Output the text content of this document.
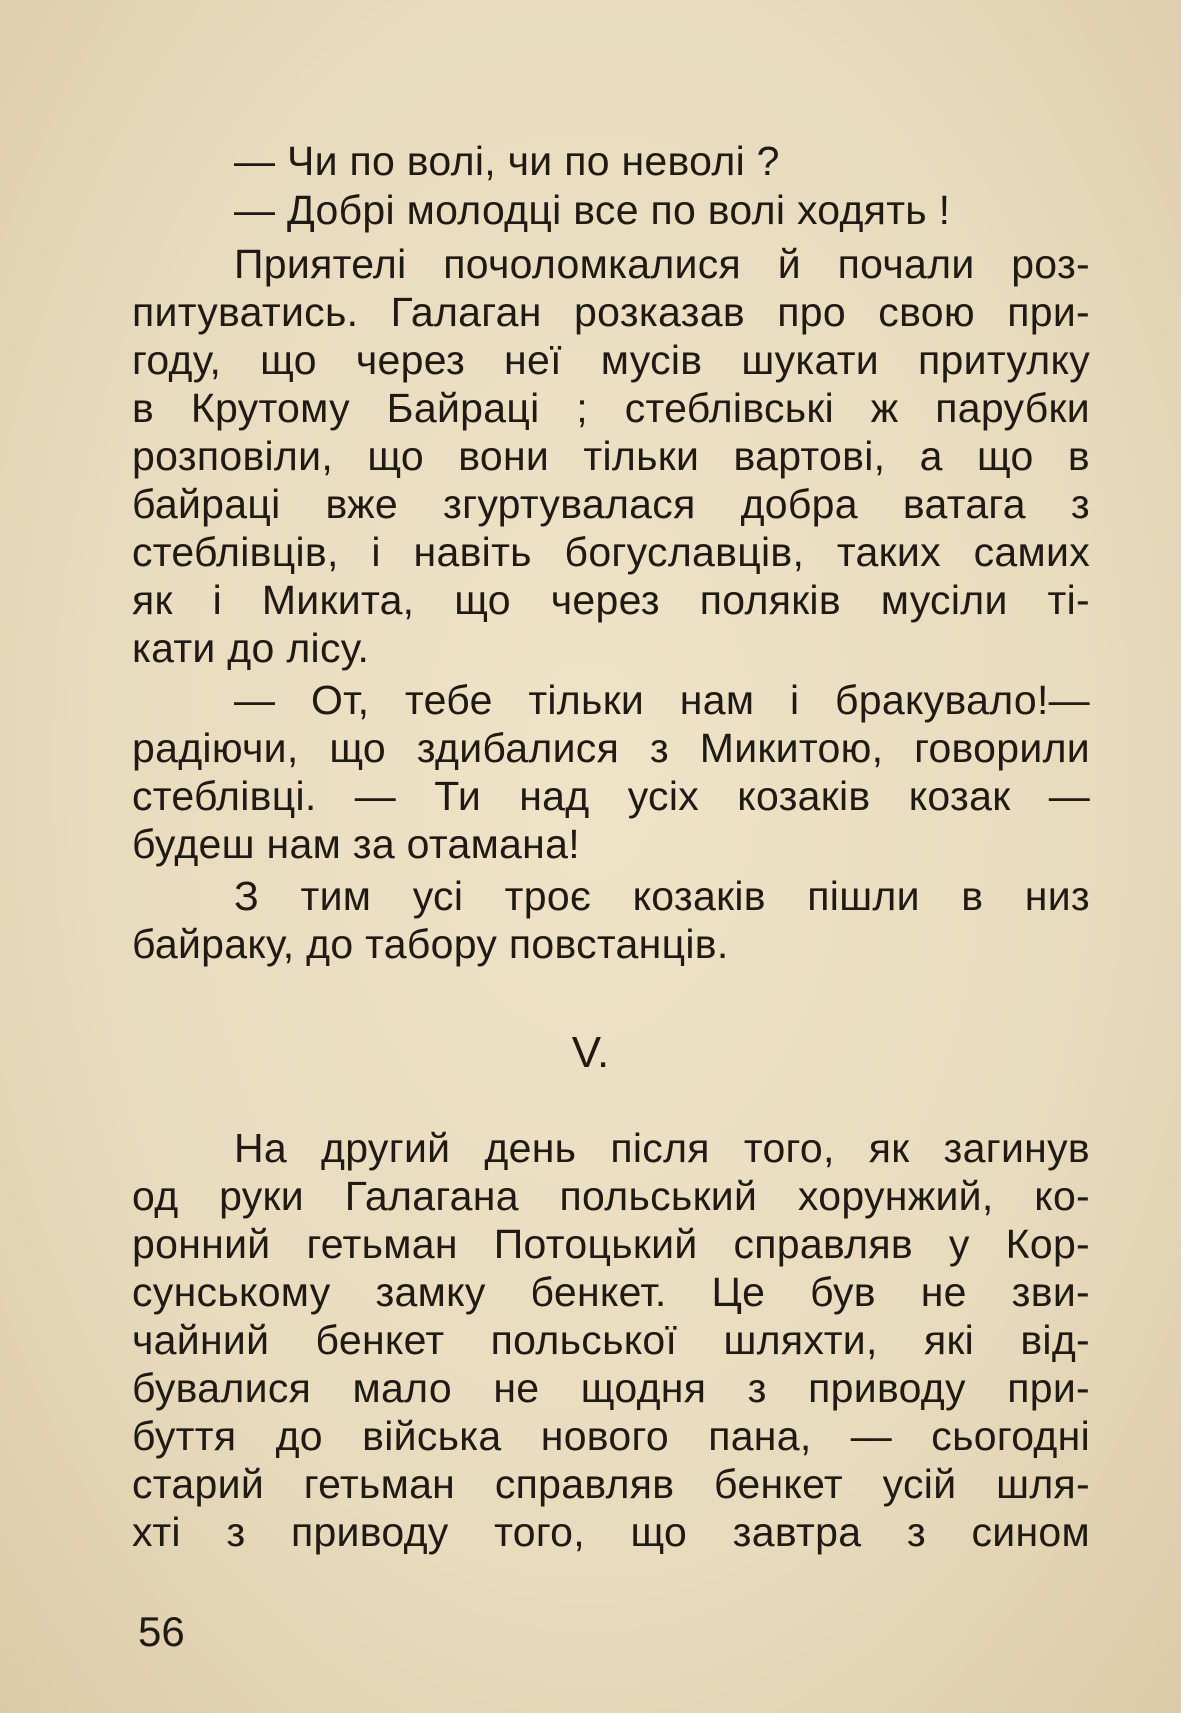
— Чи по волі, чи по неволі ?
— Добрі молодці все по волі ходять !
Приятелі почоломкалися й почали роз-
питуватись. Галаган розказав про свою при-
году, що через неї мусів шукати притулку
в Крутому Байраці ; стеблівські ж парубки
розповіли, що вони тільки вартові, а що в
байраці вже згуртувалася добра ватага з
стеблівців, і навіть богуславців, таких самих
як і Микита, що через поляків мусіли ті-
кати до лісу.
— От, тебе тільки нам і бракувало!—
радіючи, що здибалися з Микитою, говорили
стеблівці. — Ти над усіх козаків козак —
будеш нам за отамана!
З тим усі троє козаків пішли в низ
байраку, до табору повстанців.
V.
На другий день після того, як загинув
од руки Галагана польський хорунжий, ко-
ронний гетьман Потоцький справляв у Кор-
сунському замку бенкет. Це був не зви-
чайний бенкет польської шляхти, які від-
бувалися мало не щодня з приводу при-
буття до війська нового пана, — сьогодні
старий гетьман справляв бенкет усій шля-
хті з приводу того, що завтра з сином
56
